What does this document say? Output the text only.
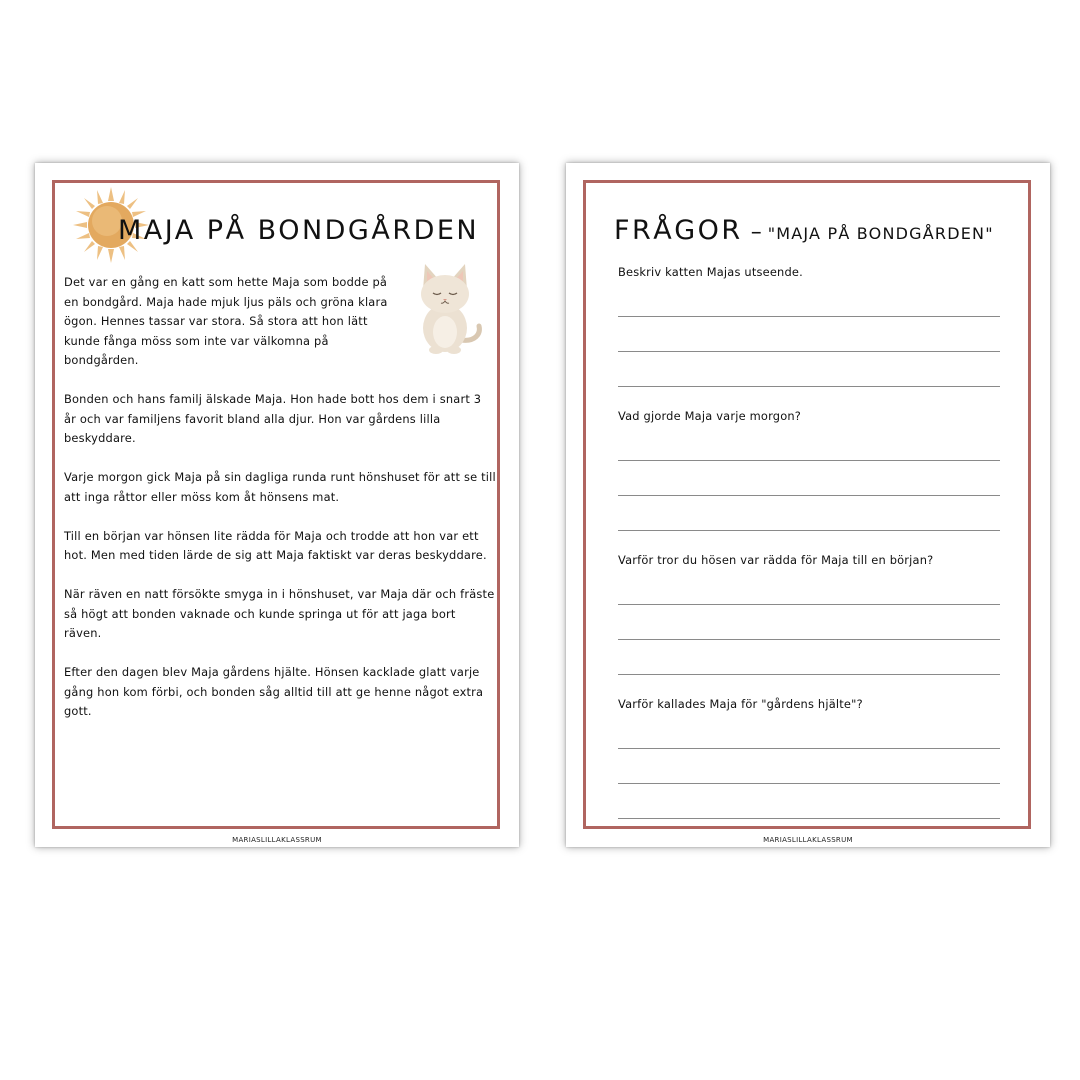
MAJA PÅ BONDGÅRDEN

Det var en gång en katt som hette Maja som bodde på en bondgård. Maja hade mjuk ljus päls och gröna klara ögon. Hennes tassar var stora. Så stora att hon lätt kunde fånga möss som inte var välkomna på bondgården.

Bonden och hans familj älskade Maja. Hon hade bott hos dem i snart 3 år och var familjens favorit bland alla djur. Hon var gårdens lilla beskyddare.

Varje morgon gick Maja på sin dagliga runda runt hönshuset för att se till att inga råttor eller möss kom åt hönsens mat.

Till en början var hönsen lite rädda för Maja och trodde att hon var ett hot. Men med tiden lärde de sig att Maja faktiskt var deras beskyddare.

När räven en natt försökte smyga in i hönshuset, var Maja där och fräste så högt att bonden vaknade och kunde springa ut för att jaga bort räven.

Efter den dagen blev Maja gårdens hjälte. Hönsen kacklade glatt varje gång hon kom förbi, och bonden såg alltid till att ge henne något extra gott.

MARIASLILLAKLASSRUM
FRÅGOR – "MAJA PÅ BONDGÅRDEN"
Beskriv katten Majas utseende.
Vad gjorde Maja varje morgon?
Varför tror du hösen var rädda för Maja till en början?
Varför kallades Maja för "gårdens hjälte"?
MARIASLILLAKLASSRUM
